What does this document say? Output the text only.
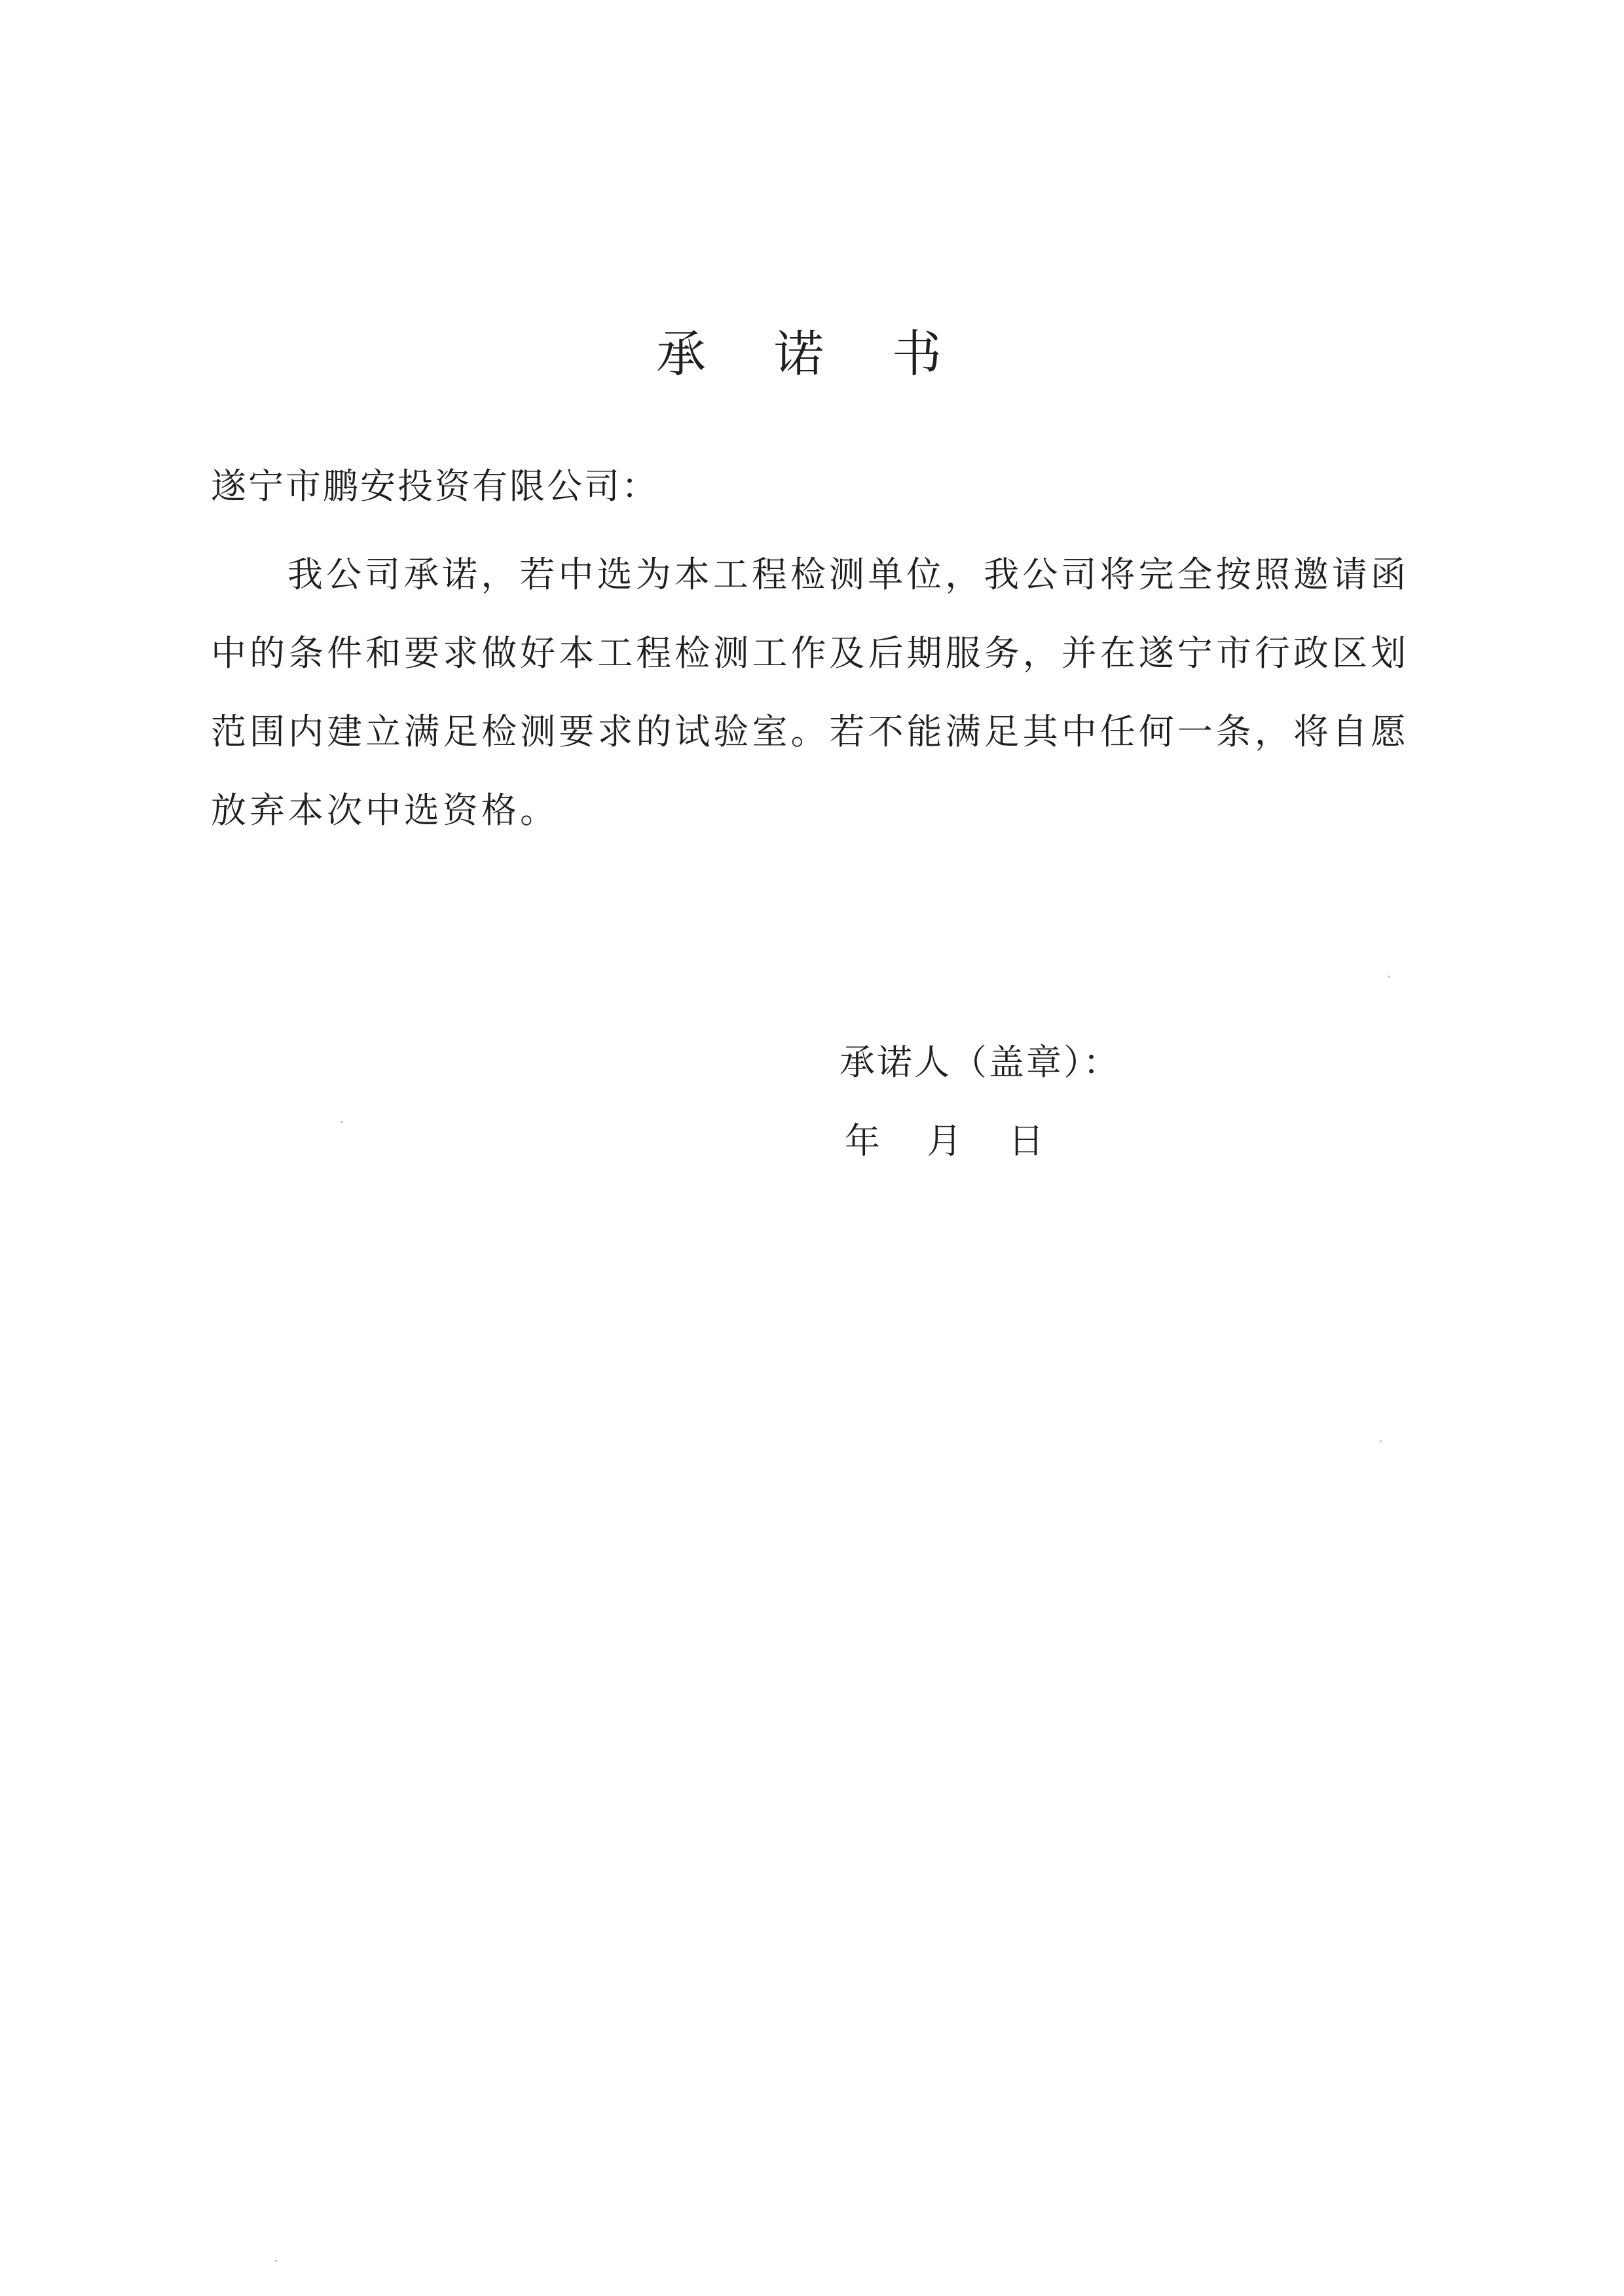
承 诺 书

遂宁市鹏安投资有限公司：

我公司承诺，若中选为本工程检测单位，我公司将完全按照邀请函中的条件和要求做好本工程检测工作及后期服务，并在遂宁市行政区划范围内建立满足检测要求的试验室。若不能满足其中任何一条，将自愿放弃本次中选资格。

承诺人（盖章）：

年	月	日
